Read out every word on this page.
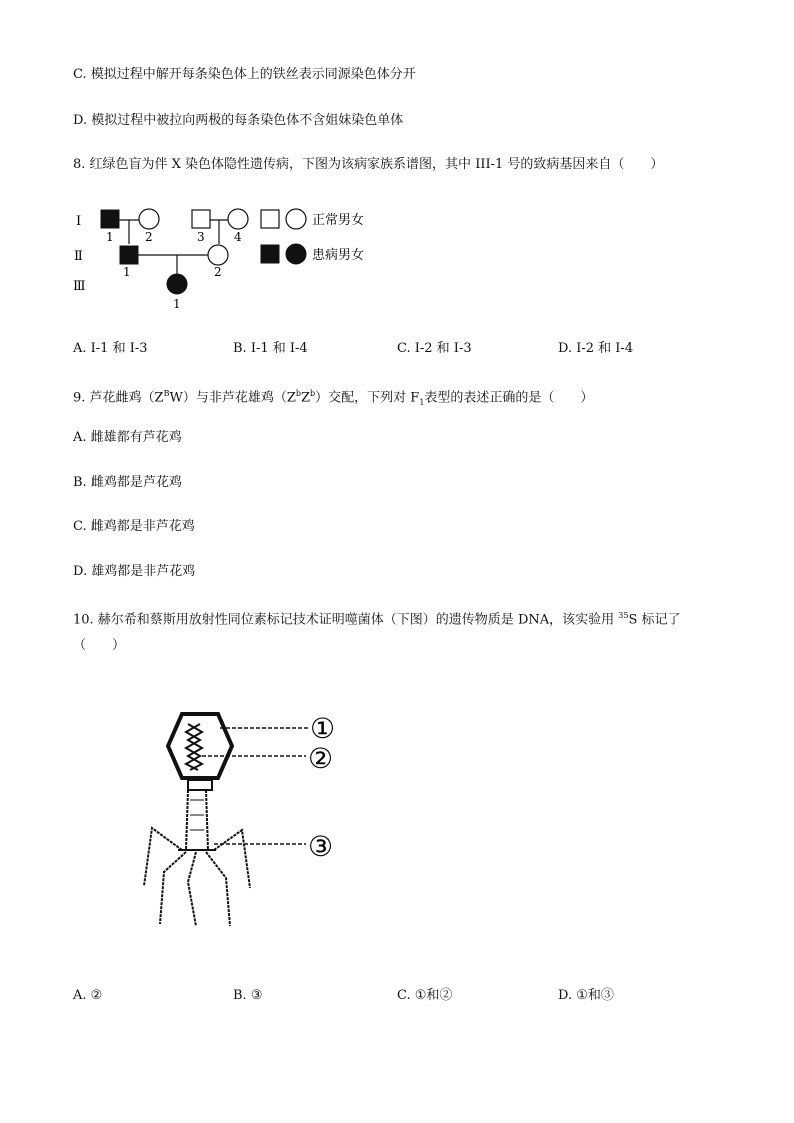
C. 模拟过程中解开每条染色体上的铁丝表示同源染色体分开
D. 模拟过程中被拉向两极的每条染色体不含姐妹染色单体
8. 红绿色盲为伴 X 染色体隐性遗传病，下图为该病家族系谱图，其中 III-1 号的致病基因来自（　　）
Ⅰ
Ⅱ
Ⅲ
1	2	3 4
1	2
1
正常男女
患病男女
A. I-1 和 I-3	B. I-1 和 I-4	C. I-2 和 I-3	D. I-2 和 I-4
9. 芦花雌鸡$(Z^BW)$与非芦花雄鸡$(Z^bZ^b)$交配，下列对 $F_1$表型的表述正确的是（　　）
A. 雌雄都有芦花鸡
B. 雌鸡都是芦花鸡
C. 雌鸡都是非芦花鸡
D. 雄鸡都是非芦花鸡
10. 赫尔希和蔡斯用放射性同位素标记技术证明噬菌体（下图）的遗传物质是 DNA，该实验用 $^{35}$S 标记了
（　　）
①
②
③
A. ②	B. ③	C. ①和②	D. ①和③
